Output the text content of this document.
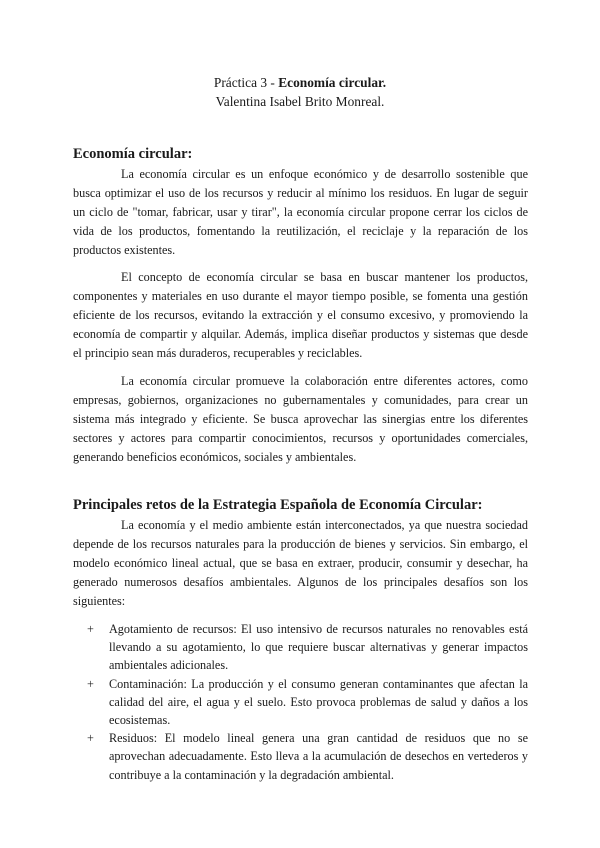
Práctica 3 - Economía circular.
Valentina Isabel Brito Monreal.
Economía circular:

La economía circular es un enfoque económico y de desarrollo sostenible que busca optimizar el uso de los recursos y reducir al mínimo los residuos. En lugar de seguir un ciclo de "tomar, fabricar, usar y tirar", la economía circular propone cerrar los ciclos de vida de los productos, fomentando la reutilización, el reciclaje y la reparación de los productos existentes.

El concepto de economía circular se basa en buscar mantener los productos, componentes y materiales en uso durante el mayor tiempo posible, se fomenta una gestión eficiente de los recursos, evitando la extracción y el consumo excesivo, y promoviendo la economía de compartir y alquilar. Además, implica diseñar productos y sistemas que desde el principio sean más duraderos, recuperables y reciclables.

La economía circular promueve la colaboración entre diferentes actores, como empresas, gobiernos, organizaciones no gubernamentales y comunidades, para crear un sistema más integrado y eficiente. Se busca aprovechar las sinergias entre los diferentes sectores y actores para compartir conocimientos, recursos y oportunidades comerciales, generando beneficios económicos, sociales y ambientales.

Principales retos de la Estrategia Española de Economía Circular:

La economía y el medio ambiente están interconectados, ya que nuestra sociedad depende de los recursos naturales para la producción de bienes y servicios. Sin embargo, el modelo económico lineal actual, que se basa en extraer, producir, consumir y desechar, ha generado numerosos desafíos ambientales. Algunos de los principales desafíos son los siguientes:

+ Agotamiento de recursos: El uso intensivo de recursos naturales no renovables está llevando a su agotamiento, lo que requiere buscar alternativas y generar impactos ambientales adicionales.
+ Contaminación: La producción y el consumo generan contaminantes que afectan la calidad del aire, el agua y el suelo. Esto provoca problemas de salud y daños a los ecosistemas.
+ Residuos: El modelo lineal genera una gran cantidad de residuos que no se aprovechan adecuadamente. Esto lleva a la acumulación de desechos en vertederos y contribuye a la contaminación y la degradación ambiental.
